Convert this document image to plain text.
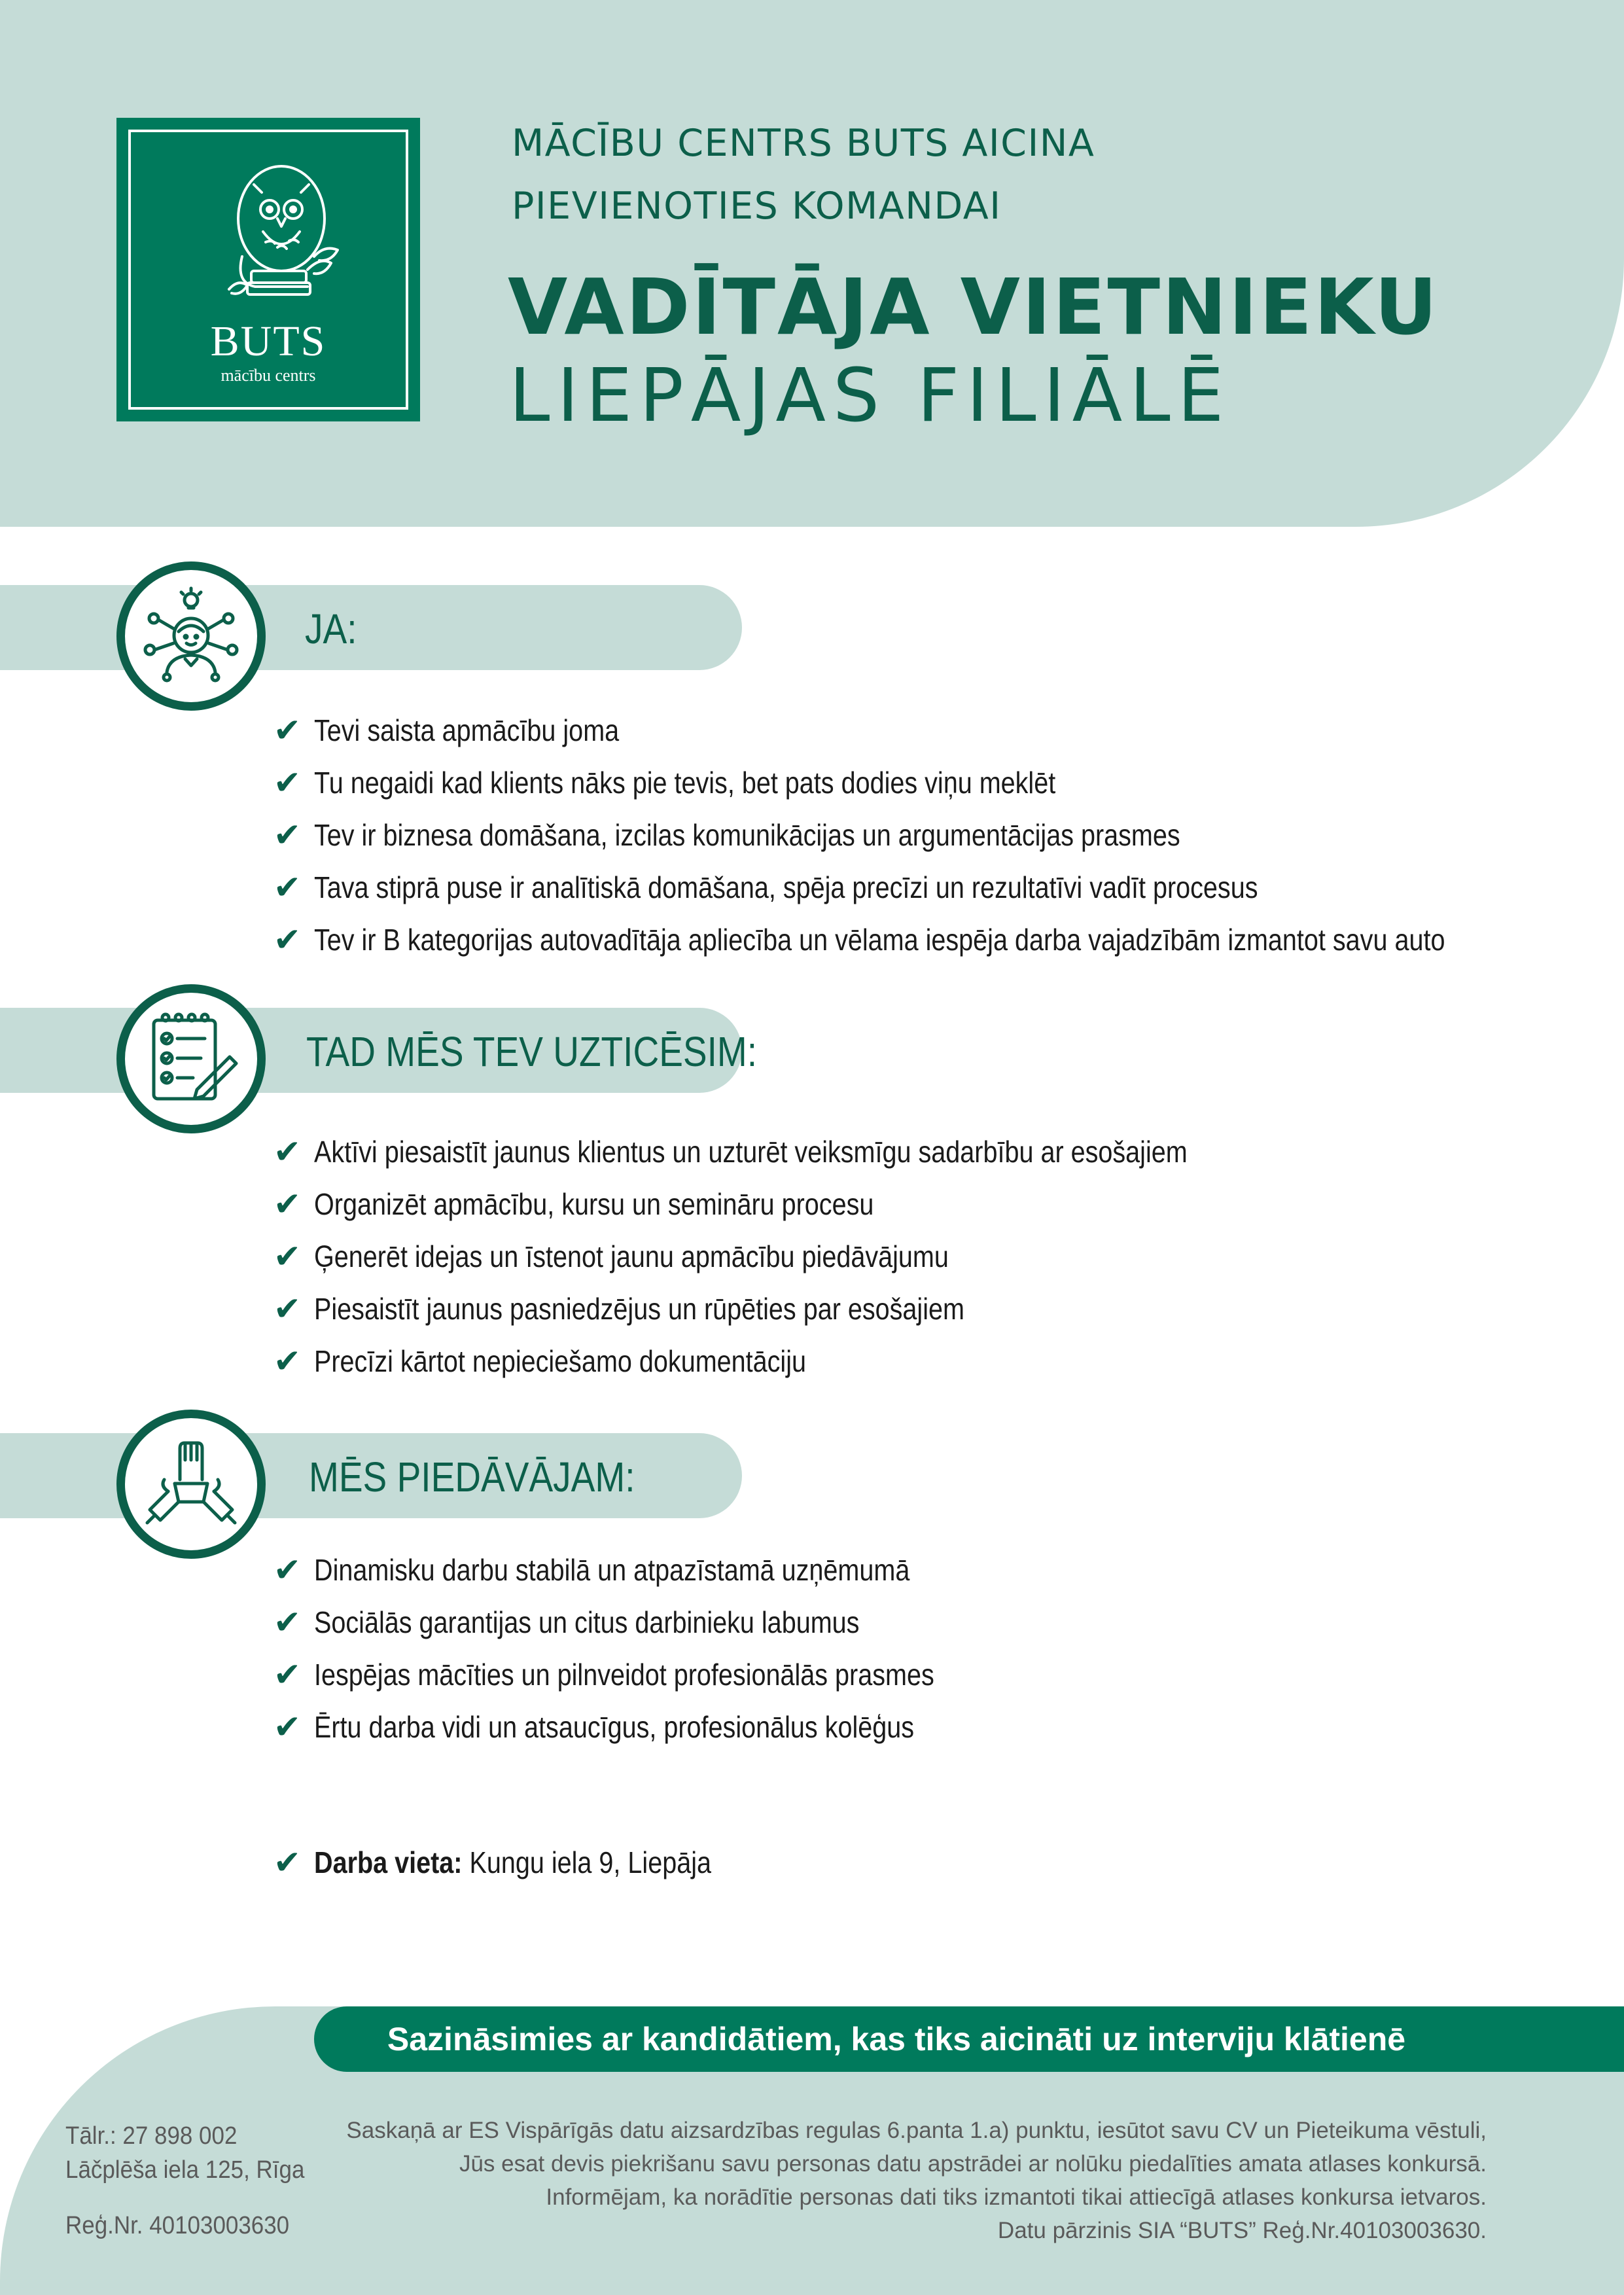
BUTS
mācību centrs
MĀCĪBU CENTRS BUTS AICINA
PIEVIENOTIES KOMANDAI
VADĪTĀJA VIETNIEKU
LIEPĀJAS FILIĀLĒ
JA:
✔ Tevi saista apmācību joma
✔ Tu negaidi kad klients nāks pie tevis, bet pats dodies viņu meklēt
✔ Tev ir biznesa domāšana, izcilas komunikācijas un argumentācijas prasmes
✔ Tava stiprā puse ir analītiskā domāšana, spēja precīzi un rezultatīvi vadīt procesus
✔ Tev ir B kategorijas autovadītāja apliecība un vēlama iespēja darba vajadzībām izmantot savu auto
TAD MĒS TEV UZTICĒSIM:
✔ Aktīvi piesaistīt jaunus klientus un uzturēt veiksmīgu sadarbību ar esošajiem
✔ Organizēt apmācību, kursu un semināru procesu
✔ Ģenerēt idejas un īstenot jaunu apmācību piedāvājumu
✔ Piesaistīt jaunus pasniedzējus un rūpēties par esošajiem
✔ Precīzi kārtot nepieciešamo dokumentāciju
MĒS PIEDĀVĀJAM:
✔ Dinamisku darbu stabilā un atpazīstamā uzņēmumā
✔ Sociālās garantijas un citus darbinieku labumus
✔ Iespējas mācīties un pilnveidot profesionālās prasmes
✔ Ērtu darba vidi un atsaucīgus, profesionālus kolēģus
✔ Darba vieta: Kungu iela 9, Liepāja
Sazināsimies ar kandidātiem, kas tiks aicināti uz interviju klātienē
Tālr.: 27 898 002
Lāčplēša iela 125, Rīga
Reģ.Nr. 40103003630
Saskaņā ar ES Vispārīgās datu aizsardzības regulas 6.panta 1.a) punktu, iesūtot savu CV un Pieteikuma vēstuli,
Jūs esat devis piekrišanu savu personas datu apstrādei ar nolūku piedalīties amata atlases konkursā.
Informējam, ka norādītie personas dati tiks izmantoti tikai attiecīgā atlases konkursa ietvaros.
Datu pārzinis SIA “BUTS” Reģ.Nr.40103003630.
